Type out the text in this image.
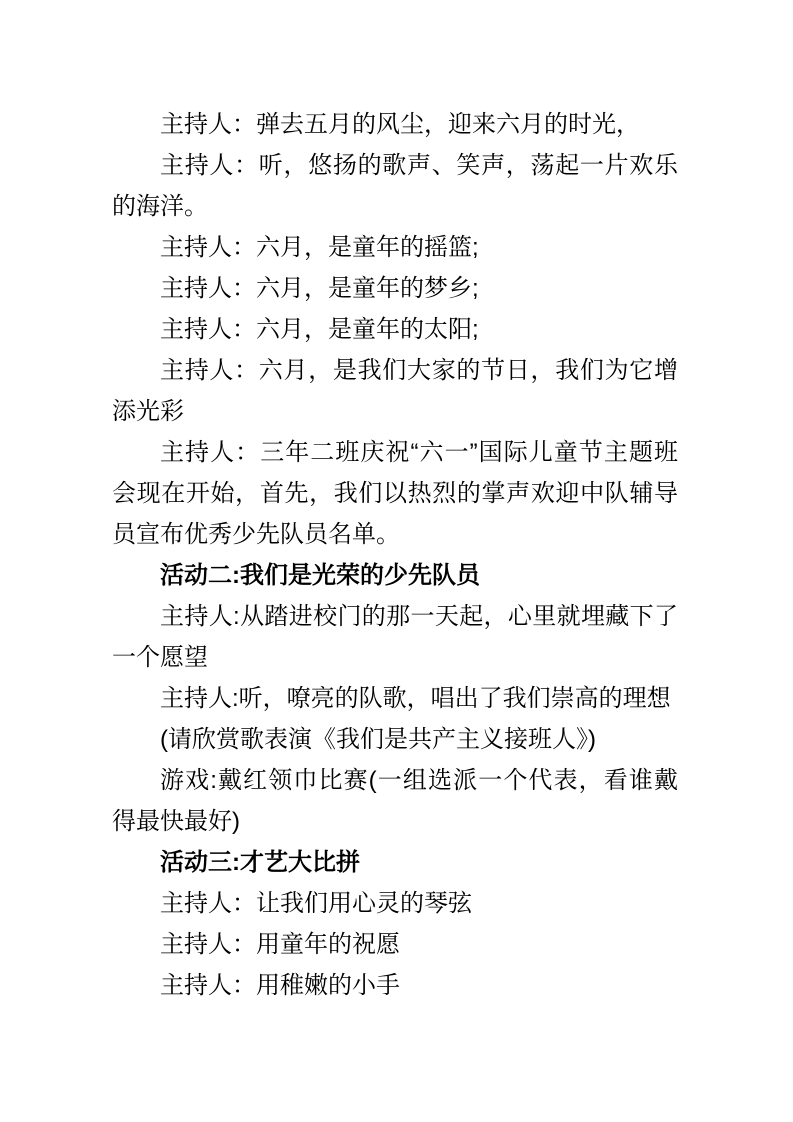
主持人：弹去五月的风尘，迎来六月的时光，

主持人：听，悠扬的歌声、笑声，荡起一片欢乐的海洋。

主持人：六月，是童年的摇篮;

主持人：六月，是童年的梦乡;

主持人：六月，是童年的太阳;

主持人：六月，是我们大家的节日，我们为它增添光彩

主持人：三年二班庆祝“六一”国际儿童节主题班会现在开始，首先，我们以热烈的掌声欢迎中队辅导员宣布优秀少先队员名单。

活动二:我们是光荣的少先队员

主持人:从踏进校门的那一天起，心里就埋藏下了一个愿望

主持人:听，嘹亮的队歌，唱出了我们崇高的理想

(请欣赏歌表演《我们是共产主义接班人》)

游戏:戴红领巾比赛(一组选派一个代表，看谁戴得最快最好)

活动三:才艺大比拼

主持人：让我们用心灵的琴弦

主持人：用童年的祝愿

主持人：用稚嫩的小手
